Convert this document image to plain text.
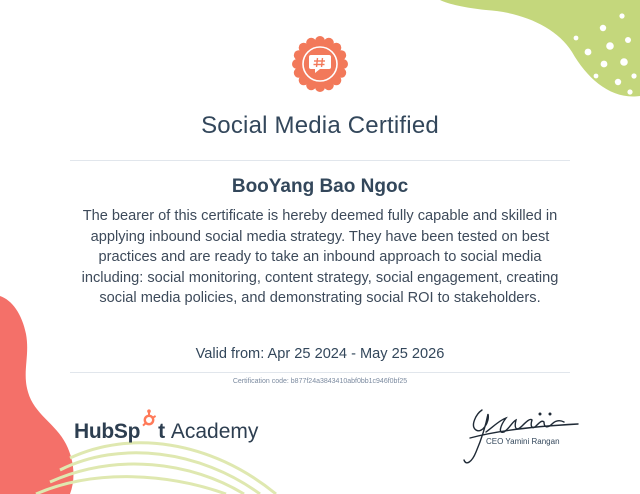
Social Media Certified
BooYang Bao Ngoc
The bearer of this certificate is hereby deemed fully capable and skilled in
applying inbound social media strategy. They have been tested on best
practices and are ready to take an inbound approach to social media
including: social monitoring, content strategy, social engagement, creating
social media policies, and demonstrating social ROI to stakeholders.
Valid from: Apr 25 2024 - May 25 2026
Certification code: b877f24a3843410abf0bb1c946f0bf25
HubSp t Academy	CEO Yamini Rangan
